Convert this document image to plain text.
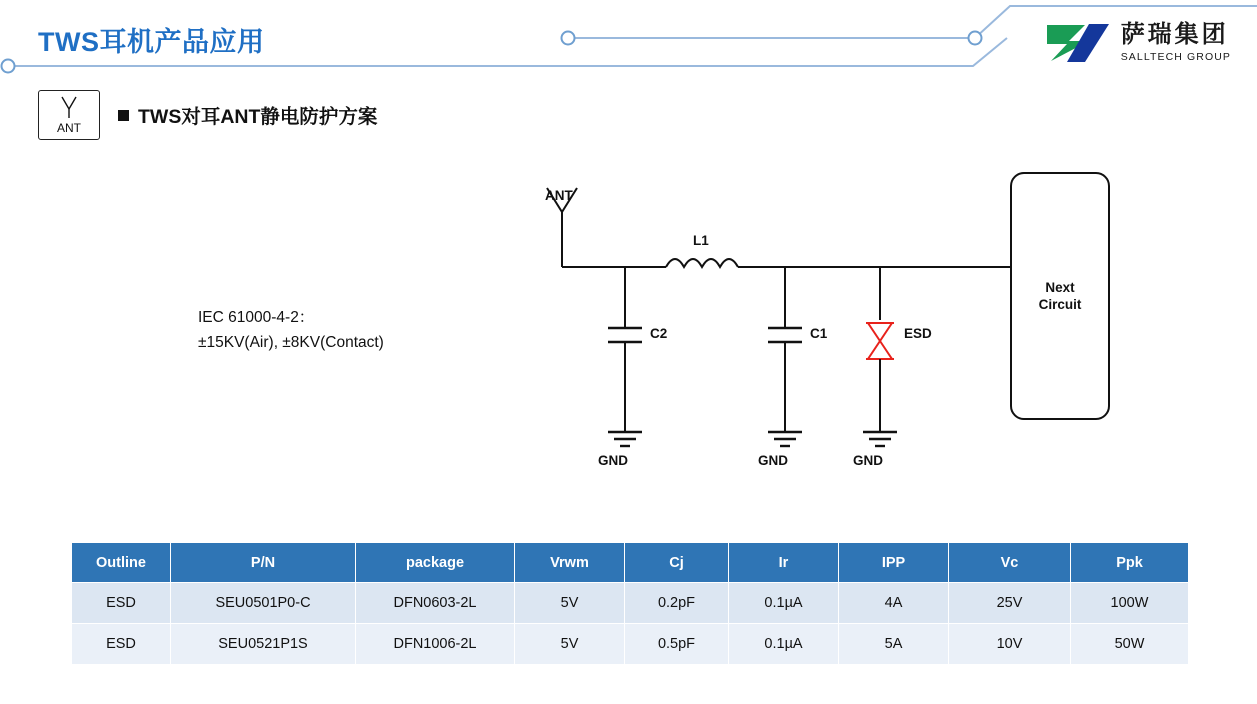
TWS耳机产品应用	萨瑞集团
SALLTECH GROUP
ANT	TWS对耳ANT静电防护方案
IEC 61000-4-2：
±15KV(Air), ±8KV(Contact)
ANT
L1
C2	C1	ESD
GND	GND	GND
Next
Circuit
Outline	P/N	package	Vrwm	Cj	Ir	IPP	Vc	Ppk
ESD	SEU0501P0-C	DFN0603-2L	5V	0.2pF	0.1µA	4A	25V	100W
ESD	SEU0521P1S	DFN1006-2L	5V	0.5pF	0.1µA	5A	10V	50W
